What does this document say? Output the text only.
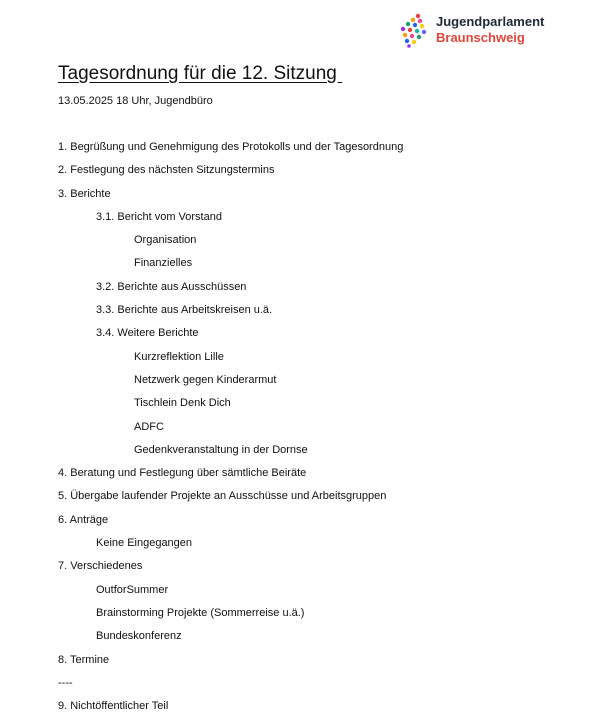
Jugendparlament
Braunschweig
Tagesordnung für die 12. Sitzung
13.05.2025 18 Uhr, Jugendbüro
1. Begrüßung und Genehmigung des Protokolls und der Tagesordnung
2. Festlegung des nächsten Sitzungstermins
3. Berichte
3.1. Bericht vom Vorstand
Organisation
Finanzielles
3.2. Berichte aus Ausschüssen
3.3. Berichte aus Arbeitskreisen u.ä.
3.4. Weitere Berichte
Kurzreflektion Lille
Netzwerk gegen Kinderarmut
Tischlein Denk Dich
ADFC
Gedenkveranstaltung in der Dornse
4. Beratung und Festlegung über sämtliche Beiräte
5. Übergabe laufender Projekte an Ausschüsse und Arbeitsgruppen
6. Anträge
Keine Eingegangen
7. Verschiedenes
OutforSummer
Brainstorming Projekte (Sommerreise u.ä.)
Bundeskonferenz
8. Termine
----
9. Nichtöffentlicher Teil
